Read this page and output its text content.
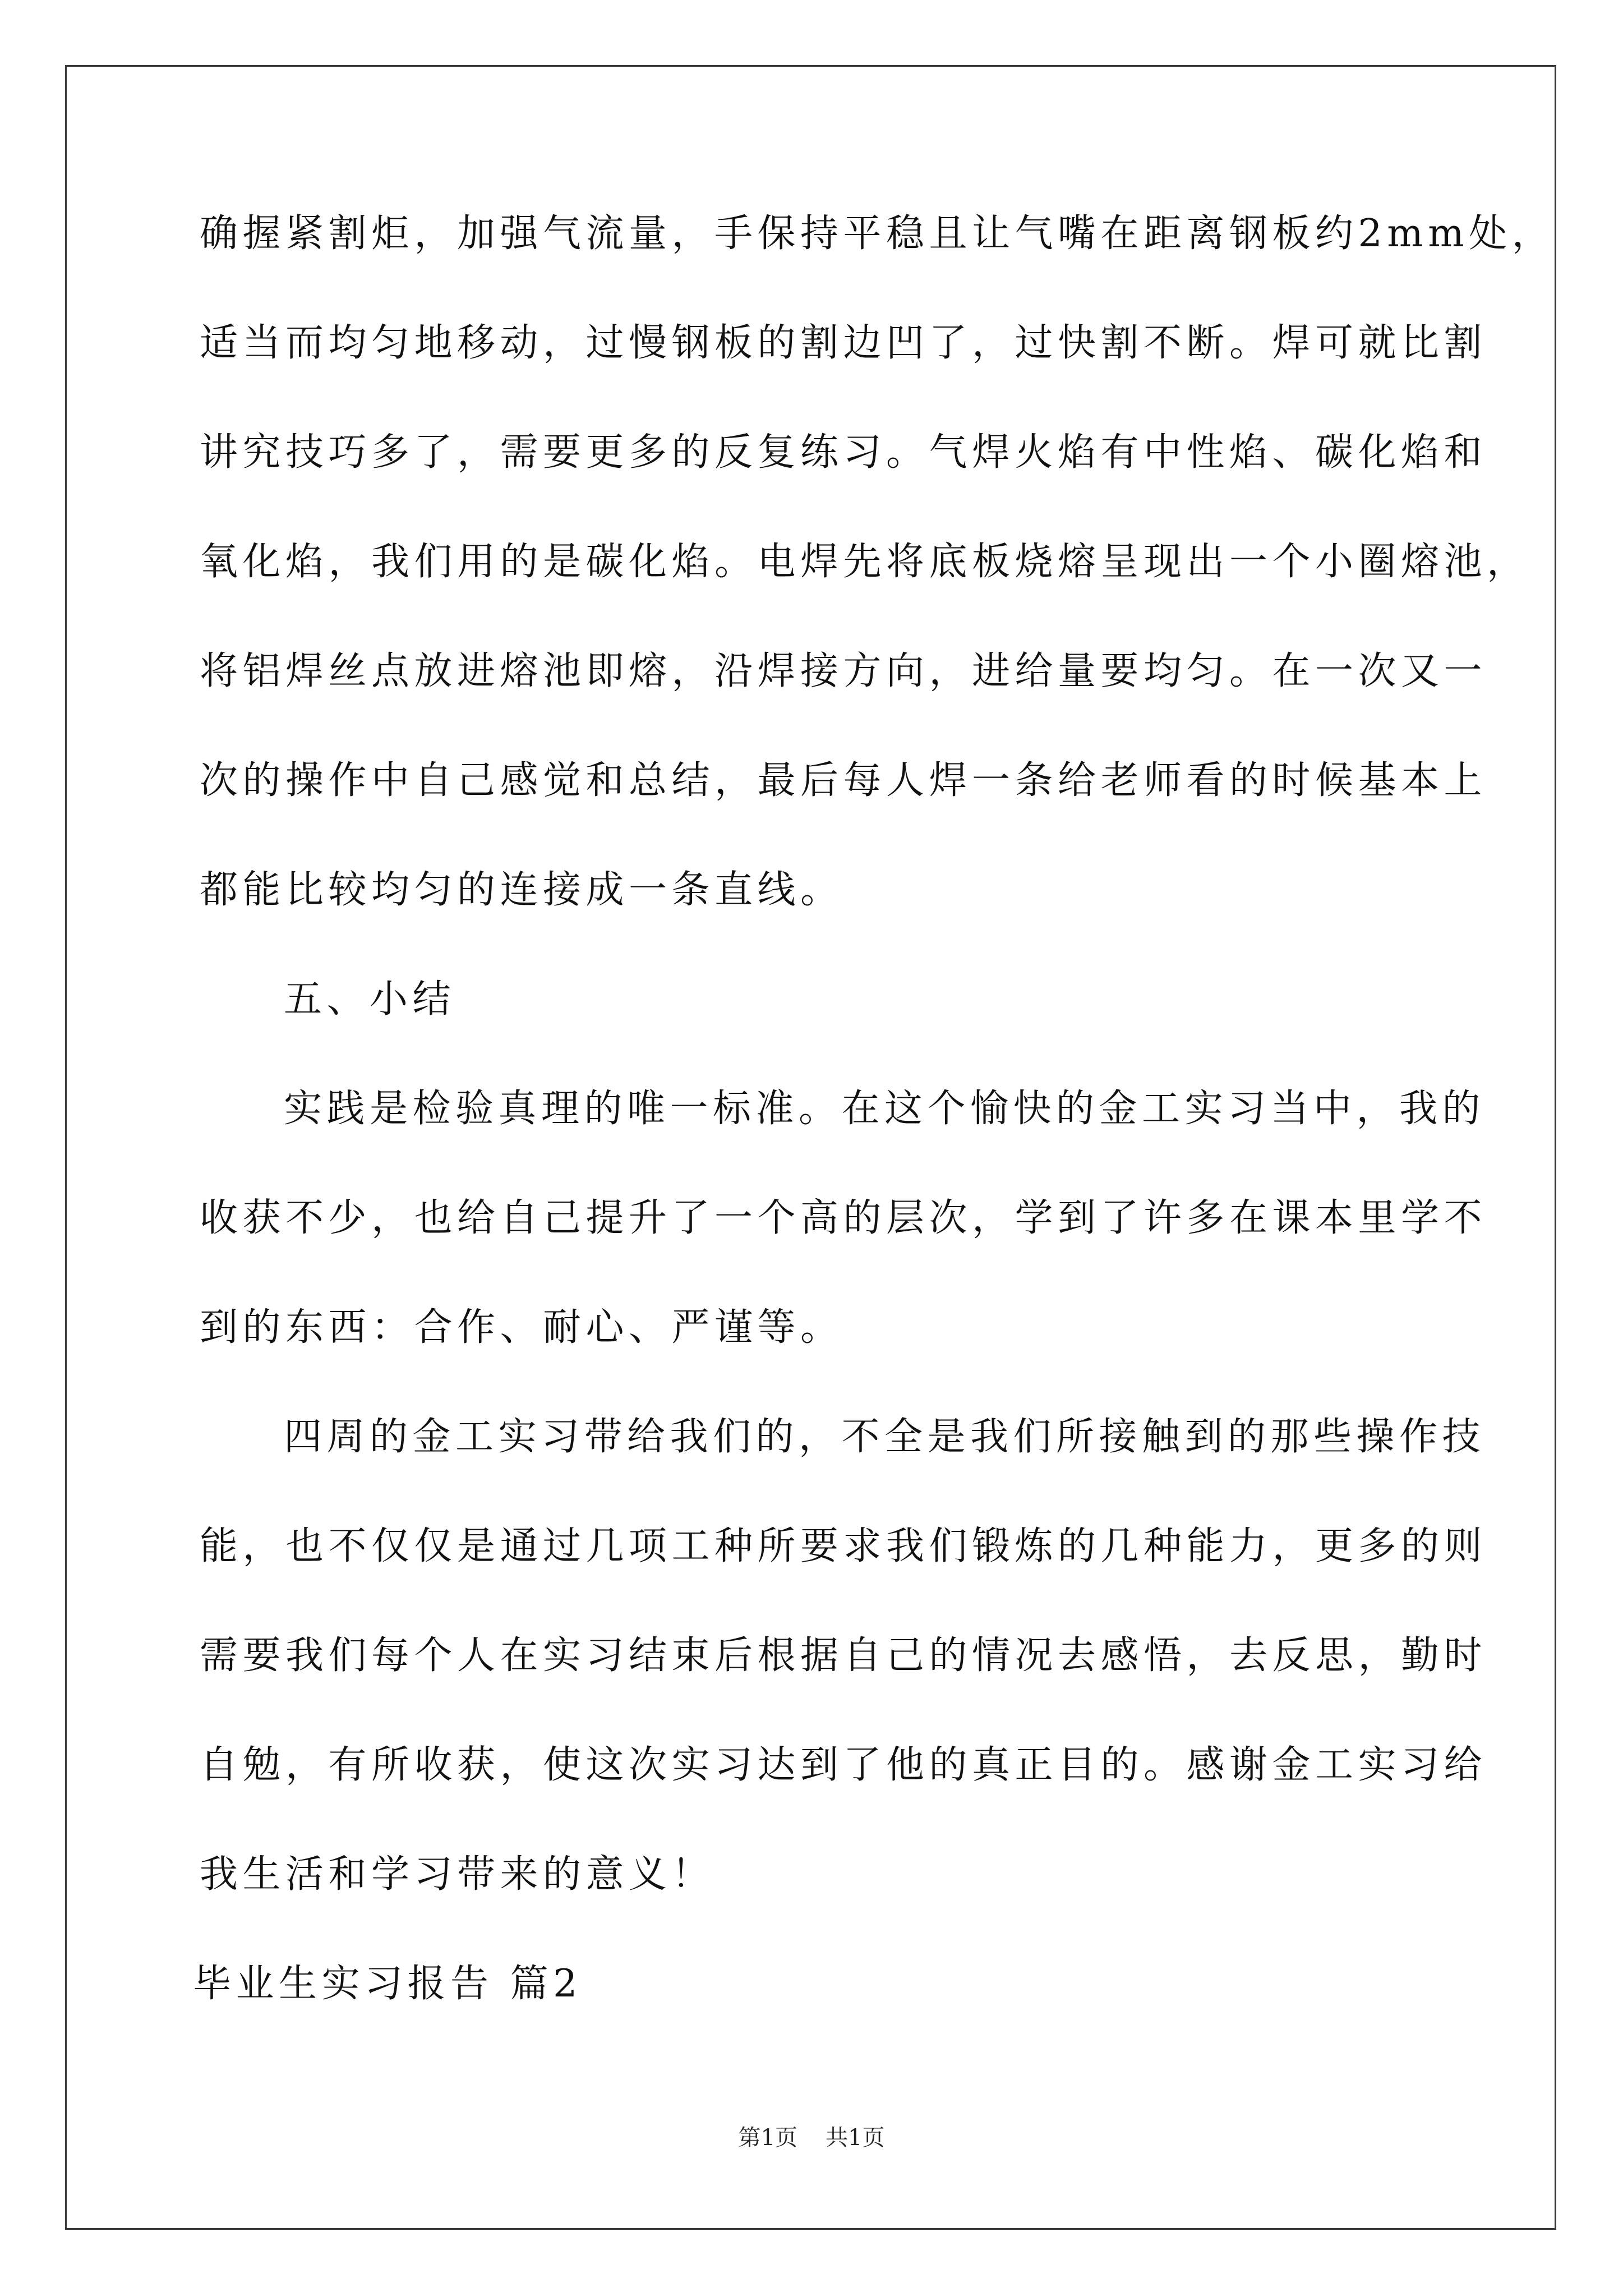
确握紧割炬，加强气流量，手保持平稳且让气嘴在距离钢板约2mm处，
适当而均匀地移动，过慢钢板的割边凹了，过快割不断。焊可就比割
讲究技巧多了，需要更多的反复练习。气焊火焰有中性焰、碳化焰和
氧化焰，我们用的是碳化焰。电焊先将底板烧熔呈现出一个小圈熔池，
将铝焊丝点放进熔池即熔，沿焊接方向，进给量要均匀。在一次又一
次的操作中自己感觉和总结，最后每人焊一条给老师看的时候基本上
都能比较均匀的连接成一条直线。
五、小结
实践是检验真理的唯一标准。在这个愉快的金工实习当中，我的
收获不少，也给自己提升了一个高的层次，学到了许多在课本里学不
到的东西：合作、耐心、严谨等。
四周的金工实习带给我们的，不全是我们所接触到的那些操作技
能，也不仅仅是通过几项工种所要求我们锻炼的几种能力，更多的则
需要我们每个人在实习结束后根据自己的情况去感悟，去反思，勤时
自勉，有所收获，使这次实习达到了他的真正目的。感谢金工实习给
我生活和学习带来的意义！
毕业生实习报告 篇2
第1页 共1页
